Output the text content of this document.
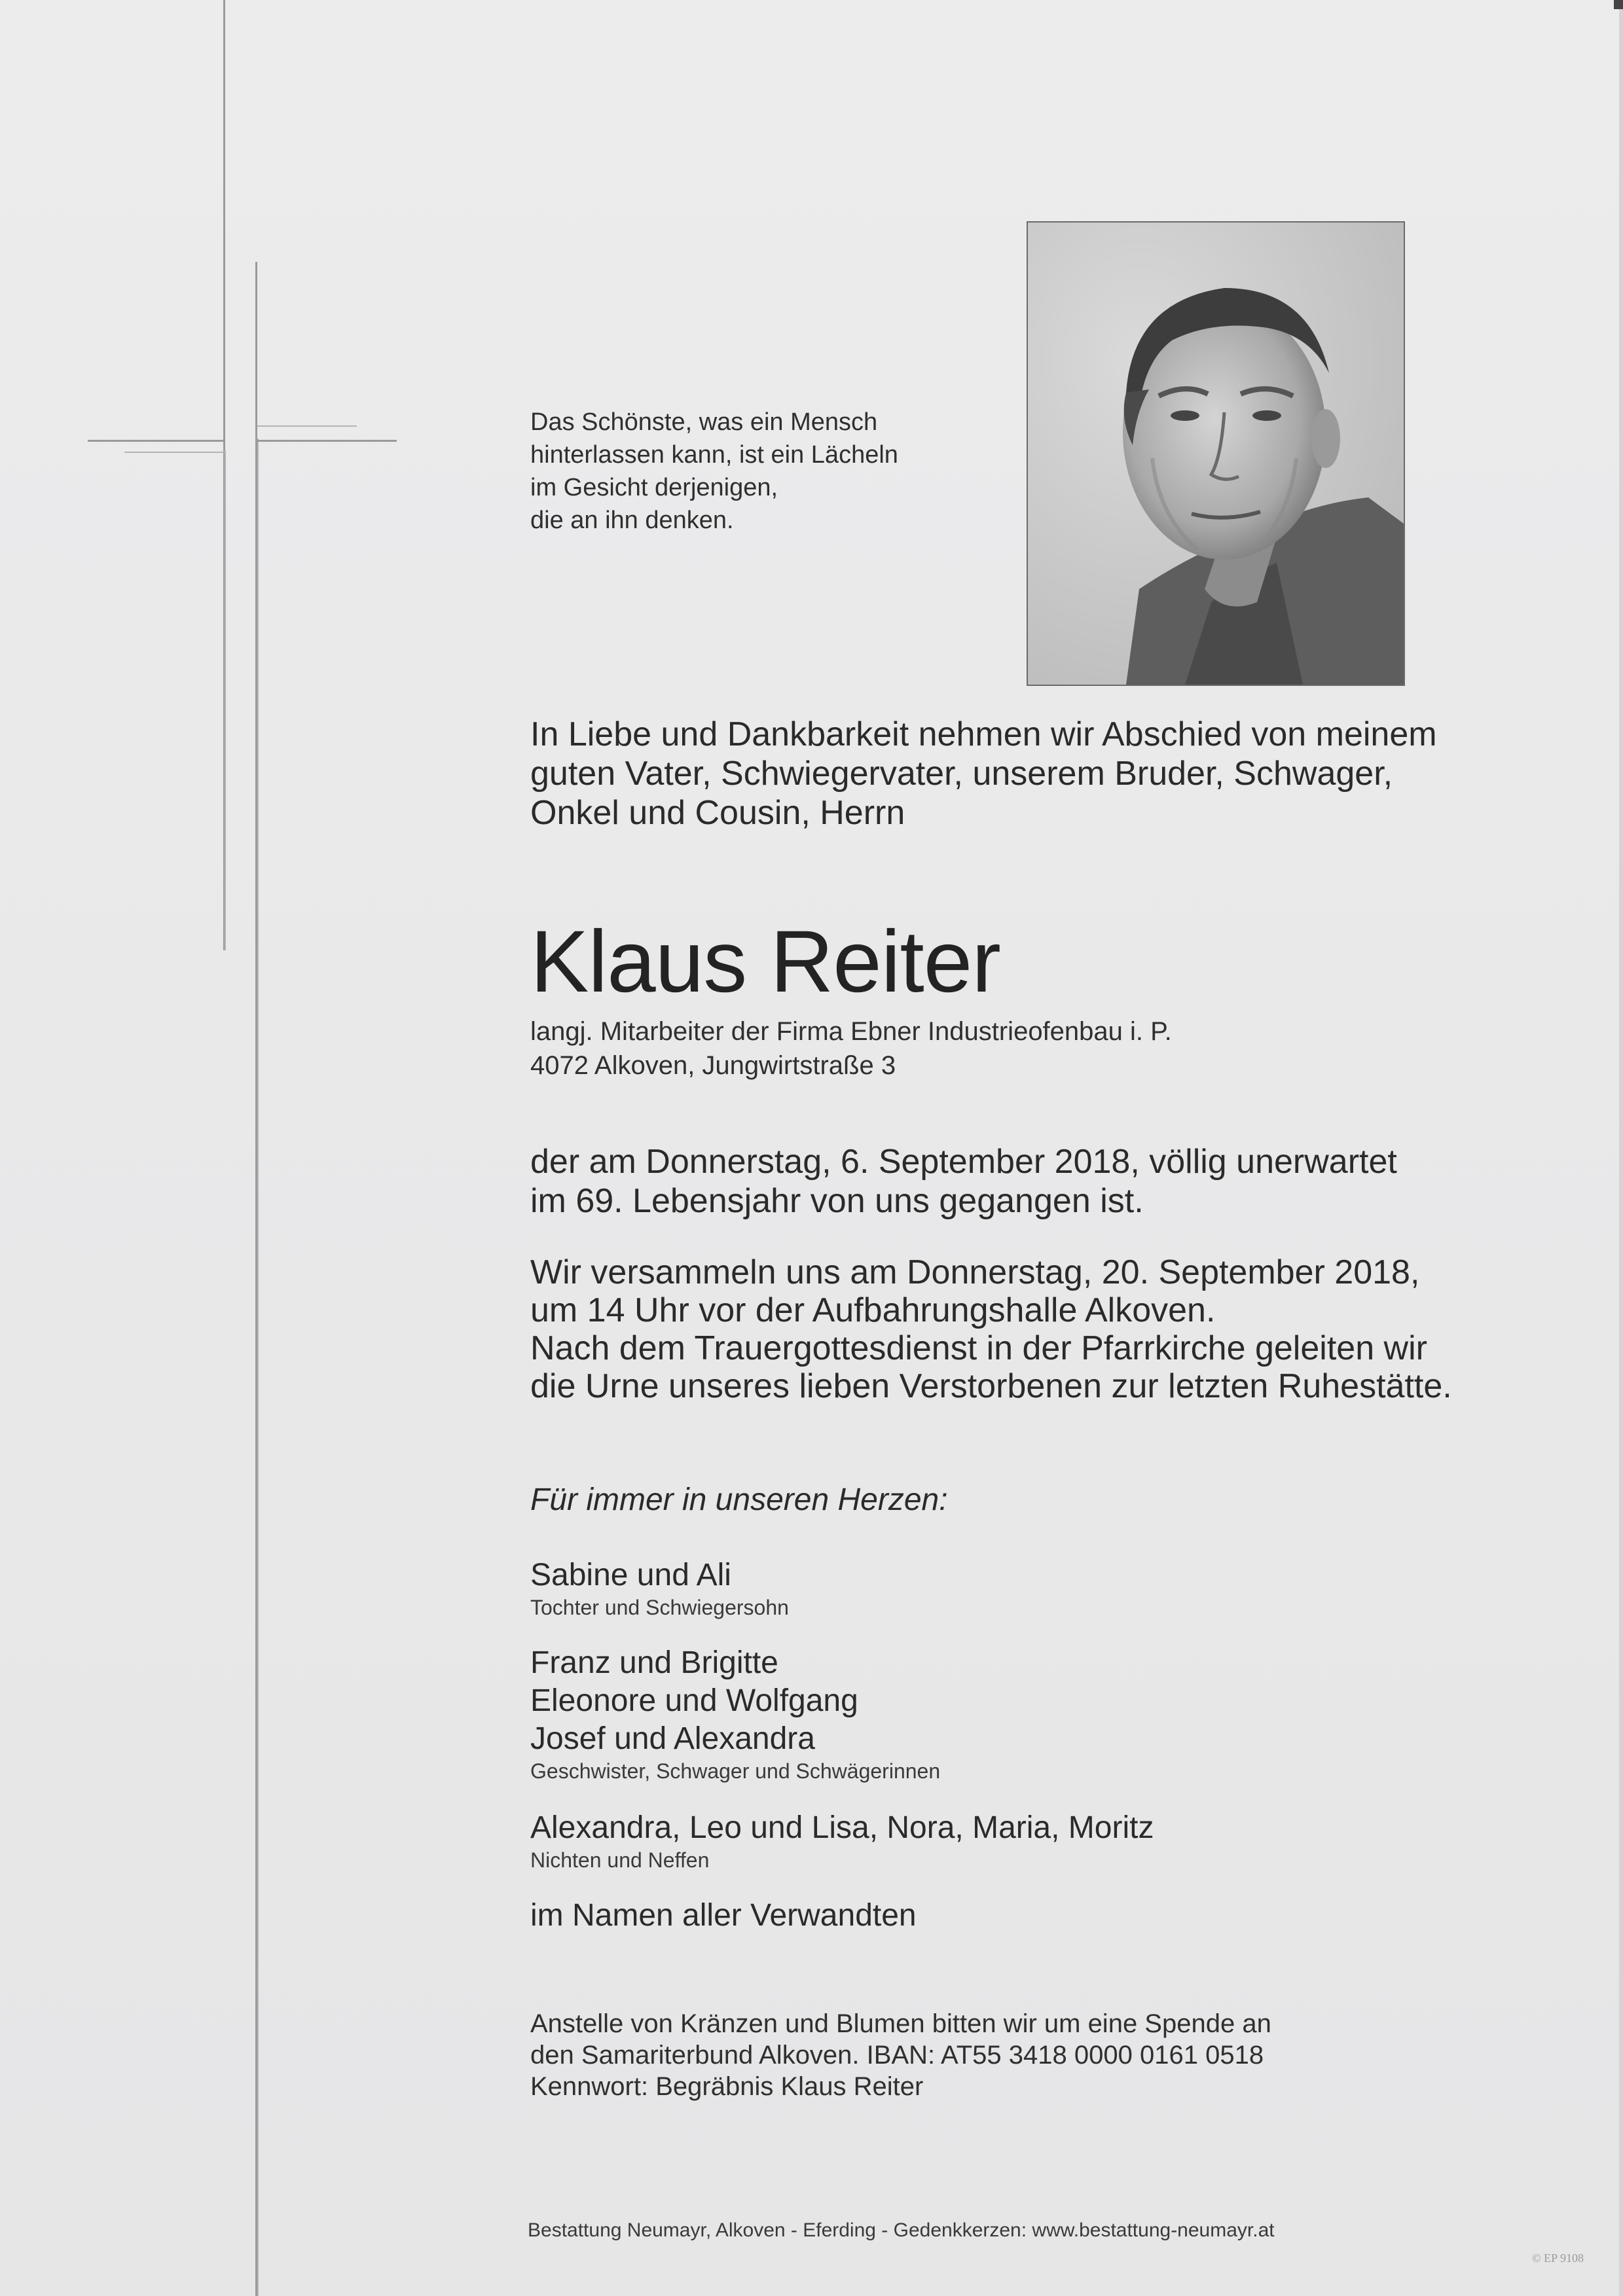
Das Schönste, was ein Mensch
hinterlassen kann, ist ein Lächeln
im Gesicht derjenigen,
die an ihn denken.
In Liebe und Dankbarkeit nehmen wir Abschied von meinem
guten Vater, Schwiegervater, unserem Bruder, Schwager,
Onkel und Cousin, Herrn
Klaus Reiter
langj. Mitarbeiter der Firma Ebner Industrieofenbau i. P.
4072 Alkoven, Jungwirtstraße 3
der am Donnerstag, 6. September 2018, völlig unerwartet
im 69. Lebensjahr von uns gegangen ist.
Wir versammeln uns am Donnerstag, 20. September 2018,
um 14 Uhr vor der Aufbahrungshalle Alkoven.
Nach dem Trauergottesdienst in der Pfarrkirche geleiten wir
die Urne unseres lieben Verstorbenen zur letzten Ruhestätte.
Für immer in unseren Herzen:
Sabine und Ali
Tochter und Schwiegersohn
Franz und Brigitte
Eleonore und Wolfgang
Josef und Alexandra
Geschwister, Schwager und Schwägerinnen
Alexandra, Leo und Lisa, Nora, Maria, Moritz
Nichten und Neffen
im Namen aller Verwandten
Anstelle von Kränzen und Blumen bitten wir um eine Spende an
den Samariterbund Alkoven. IBAN: AT55 3418 0000 0161 0518
Kennwort: Begräbnis Klaus Reiter
Bestattung Neumayr, Alkoven - Eferding - Gedenkkerzen: www.bestattung-neumayr.at
© EP 9108
